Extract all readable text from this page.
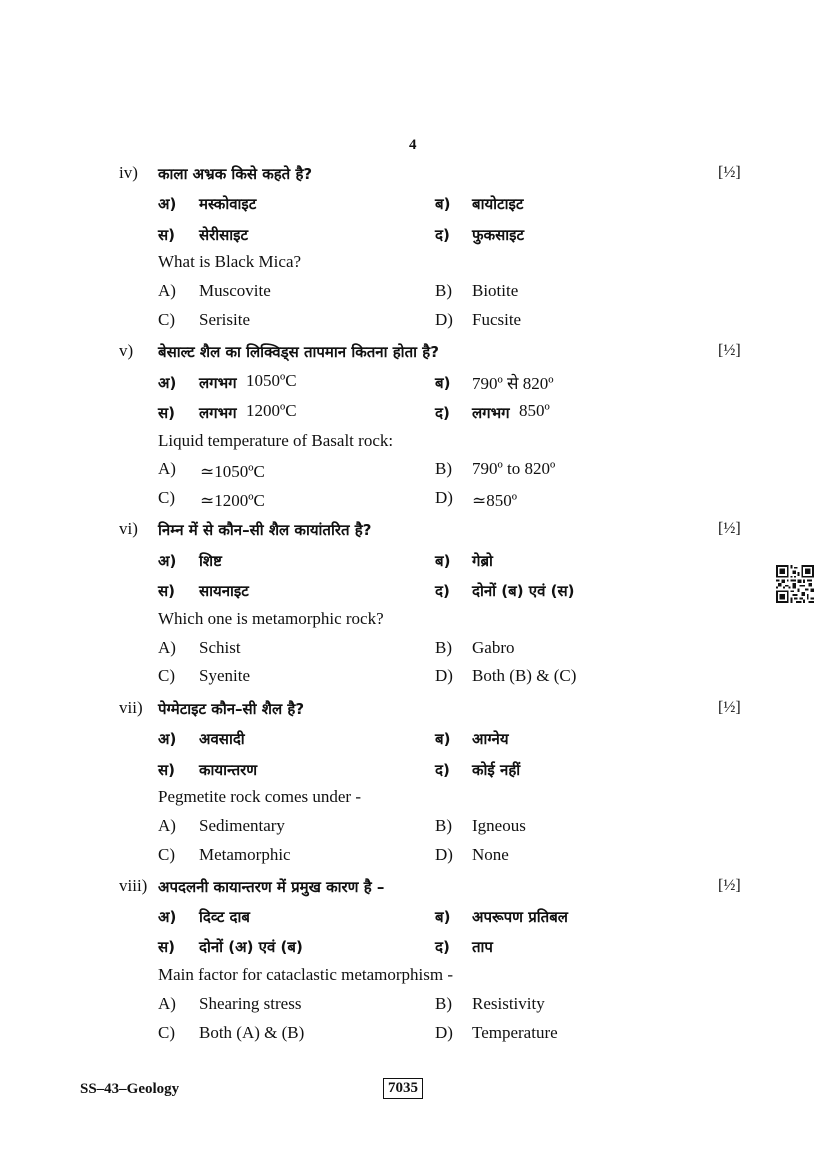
4
iv) काला अभ्रक किसे कहते है?	[½]
अ) मस्कोवाइट	ब) बायोटाइट
स) सेरीसाइट	द) फुकसाइट
What is Black Mica?
A) Muscovite	B) Biotite
C) Serisite	D) Fucsite
v) बेसाल्ट शैल का लिक्विड्स तापमान कितना होता है?	[½]
अ) लगभग 1050ºC	ब) 790º से 820º
स) लगभग 1200ºC	द) लगभग 850º
Liquid temperature of Basalt rock:
A) ≃1050ºC	B) 790º to 820º
C) ≃1200ºC	D) ≃850º
vi) निम्न में से कौन–सी शैल कायांतरित है?	[½]
अ) शिष्ट	ब) गेब्रो
स) सायनाइट	द) दोनों (ब) एवं (स)
Which one is metamorphic rock?
A) Schist	B) Gabro
C) Syenite	D) Both (B) & (C)
vii) पेग्मेटाइट कौन–सी शैल है?	[½]
अ) अवसादी	ब) आग्नेय
स) कायान्तरण	द) कोई नहीं
Pegmetite rock comes under -
A) Sedimentary	B) Igneous
C) Metamorphic	D) None
viii) अपदलनी कायान्तरण में प्रमुख कारण है –	[½]
अ) दिव्ट दाब	ब) अपरूपण प्रतिबल
स) दोनों (अ) एवं (ब)	द) ताप
Main factor for cataclastic metamorphism -
A) Shearing stress	B) Resistivity
C) Both (A) & (B)	D) Temperature
SS–43–Geology	7035
